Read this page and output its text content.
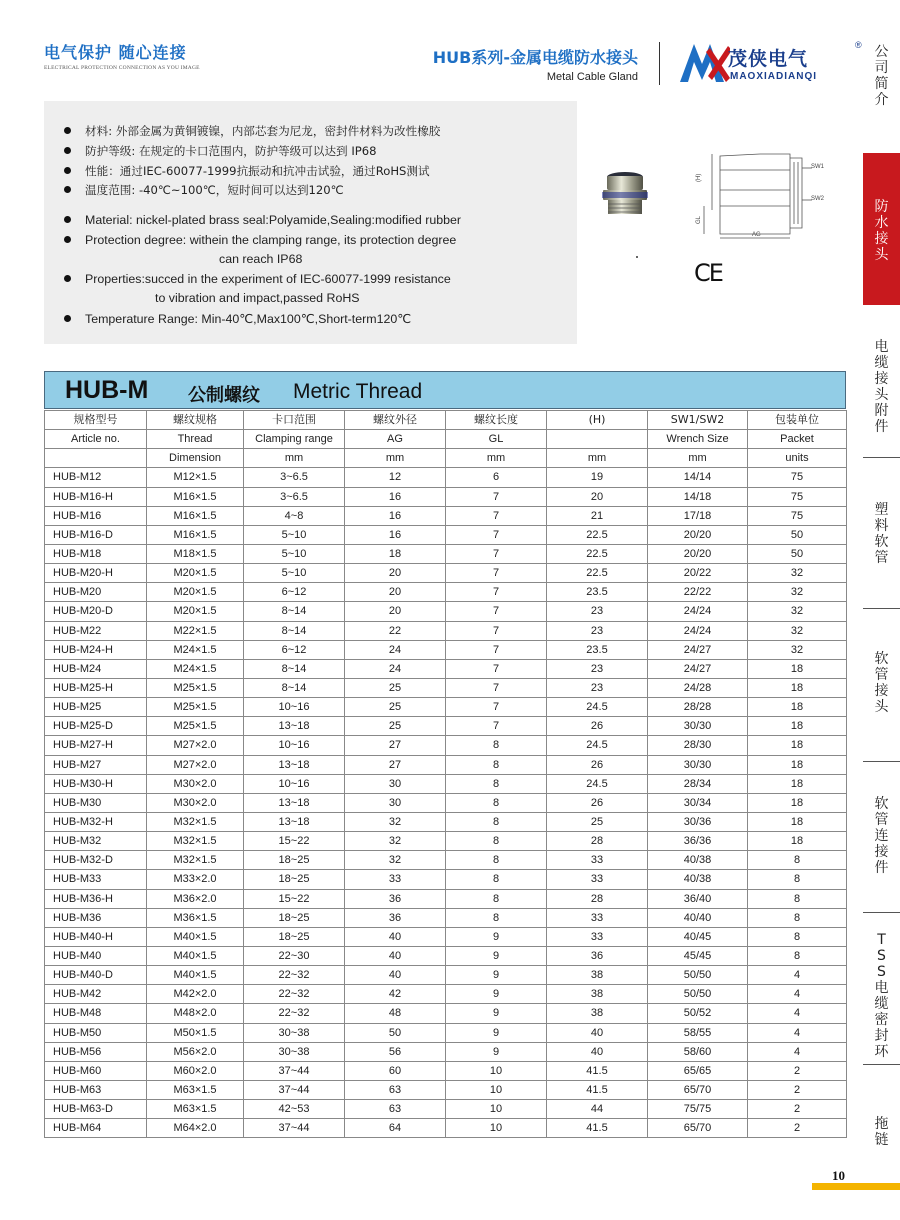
电气保护 随心连接
ELECTRICAL PROTECTION CONNECTION AS YOU IMAGE
HUB系列-金属电缆防水接头
Metal Cable Gland
茂侠电气
®
MAOXIADIANQI
公司简介
防水接头
电缆接头附件
塑料软管
软管接头
软管连接件
TSS电缆密封环
拖链
材料: 外部金属为黄铜镀镍，内部芯套为尼龙，密封件材料为改性橡胶
防护等级: 在规定的卡口范围内，防护等级可以达到 IP68
性能：通过IEC-60077-1999抗振动和抗冲击试验，通过RoHS测试
温度范围: -40℃~100℃，短时间可以达到120℃
Material: nickel-plated brass seal:Polyamide,Sealing:modified rubber
Protection degree: withein the clamping range, its protection degree
can reach IP68
Properties:succed in the experiment of IEC-60077-1999 resistance
to vibration and impact,passed RoHS
Temperature Range: Min-40℃,Max100℃,Short-term120℃
SW1
SW2
AG
(H)
GL
CE
HUB-M 公制螺纹 Metric Thread
规格型号	螺纹规格	卡口范围	螺纹外径	螺纹长度	(H)	SW1/SW2	包装单位
Article no.	Thread	Clamping range	AG	GL		Wrench Size	Packet
	Dimension	mm	mm	mm	mm	mm	units
HUB-M12	M12×1.5	3~6.5	12	6	19	14/14	75
HUB-M16-H	M16×1.5	3~6.5	16	7	20	14/18	75
HUB-M16	M16×1.5	4~8	16	7	21	17/18	75
HUB-M16-D	M16×1.5	5~10	16	7	22.5	20/20	50
HUB-M18	M18×1.5	5~10	18	7	22.5	20/20	50
HUB-M20-H	M20×1.5	5~10	20	7	22.5	20/22	32
HUB-M20	M20×1.5	6~12	20	7	23.5	22/22	32
HUB-M20-D	M20×1.5	8~14	20	7	23	24/24	32
HUB-M22	M22×1.5	8~14	22	7	23	24/24	32
HUB-M24-H	M24×1.5	6~12	24	7	23.5	24/27	32
HUB-M24	M24×1.5	8~14	24	7	23	24/27	18
HUB-M25-H	M25×1.5	8~14	25	7	23	24/28	18
HUB-M25	M25×1.5	10~16	25	7	24.5	28/28	18
HUB-M25-D	M25×1.5	13~18	25	7	26	30/30	18
HUB-M27-H	M27×2.0	10~16	27	8	24.5	28/30	18
HUB-M27	M27×2.0	13~18	27	8	26	30/30	18
HUB-M30-H	M30×2.0	10~16	30	8	24.5	28/34	18
HUB-M30	M30×2.0	13~18	30	8	26	30/34	18
HUB-M32-H	M32×1.5	13~18	32	8	25	30/36	18
HUB-M32	M32×1.5	15~22	32	8	28	36/36	18
HUB-M32-D	M32×1.5	18~25	32	8	33	40/38	8
HUB-M33	M33×2.0	18~25	33	8	33	40/38	8
HUB-M36-H	M36×2.0	15~22	36	8	28	36/40	8
HUB-M36	M36×1.5	18~25	36	8	33	40/40	8
HUB-M40-H	M40×1.5	18~25	40	9	33	40/45	8
HUB-M40	M40×1.5	22~30	40	9	36	45/45	8
HUB-M40-D	M40×1.5	22~32	40	9	38	50/50	4
HUB-M42	M42×2.0	22~32	42	9	38	50/50	4
HUB-M48	M48×2.0	22~32	48	9	38	50/52	4
HUB-M50	M50×1.5	30~38	50	9	40	58/55	4
HUB-M56	M56×2.0	30~38	56	9	40	58/60	4
HUB-M60	M60×2.0	37~44	60	10	41.5	65/65	2
HUB-M63	M63×1.5	37~44	63	10	41.5	65/70	2
HUB-M63-D	M63×1.5	42~53	63	10	44	75/75	2
HUB-M64	M64×2.0	37~44	64	10	41.5	65/70	2
10
